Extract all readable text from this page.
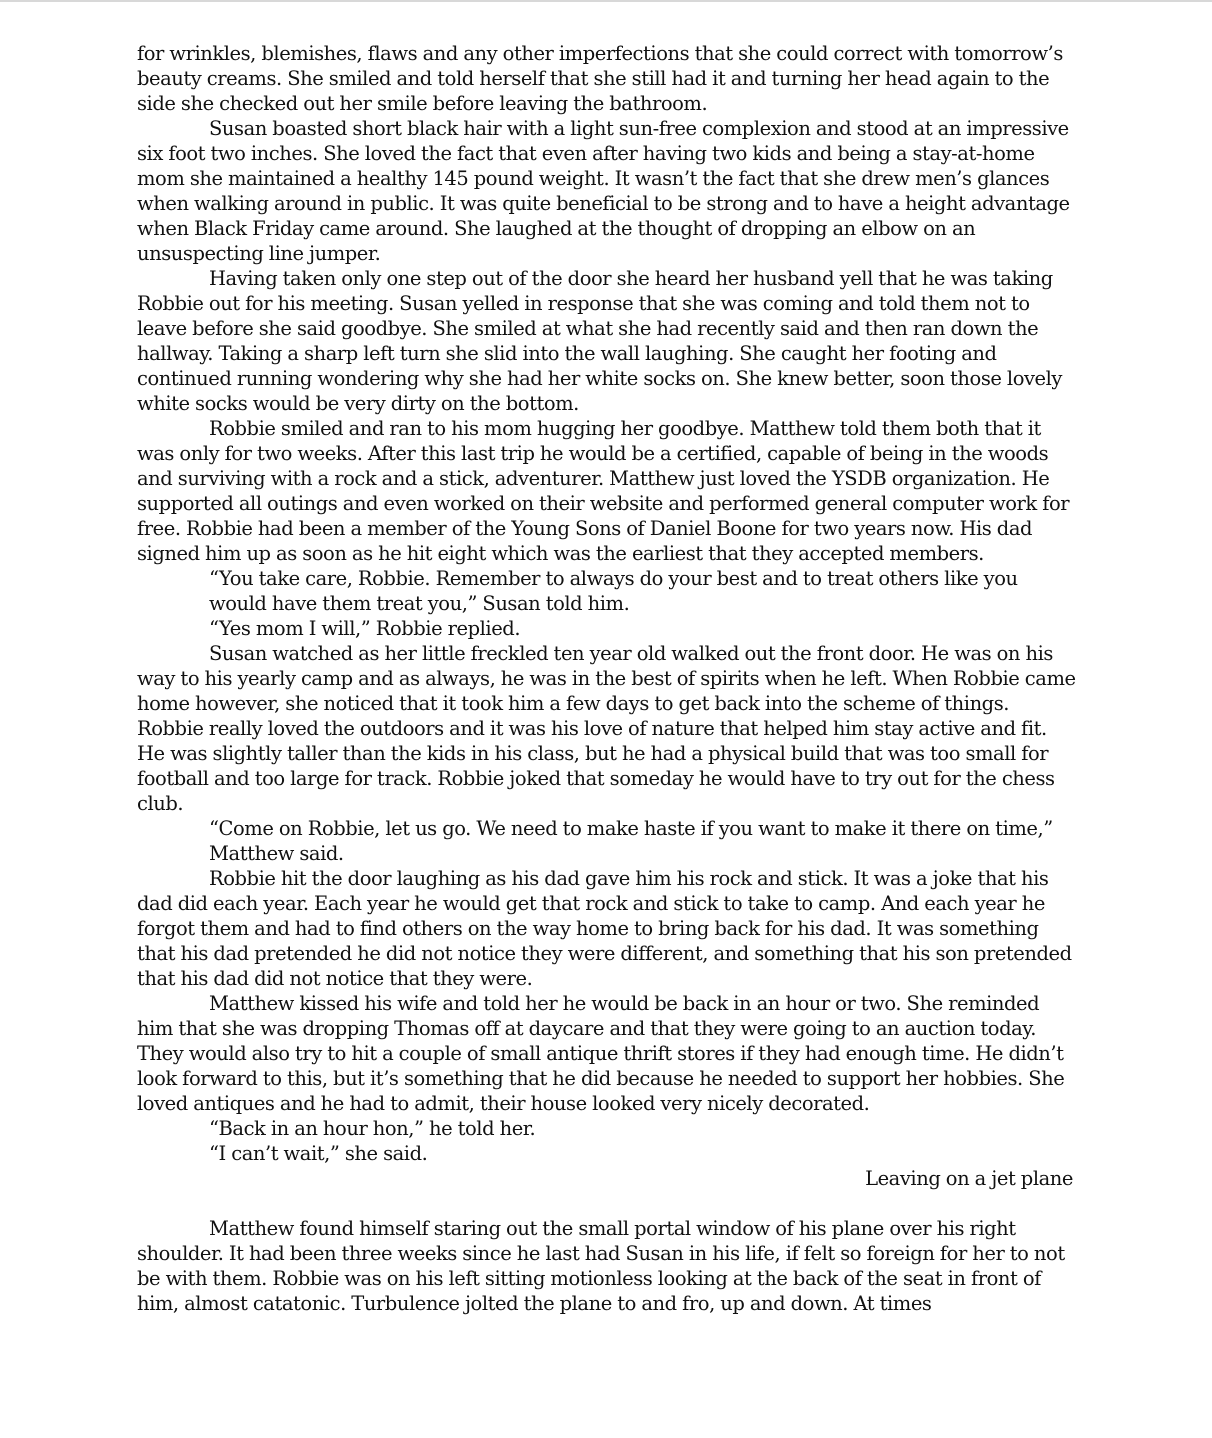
for wrinkles, blemishes, flaws and any other imperfections that she could correct with tomorrow’s beauty creams. She smiled and told herself that she still had it and turning her head again to the side she checked out her smile before leaving the bathroom.

Susan boasted short black hair with a light sun-free complexion and stood at an impressive six foot two inches. She loved the fact that even after having two kids and being a stay-at-home mom she maintained a healthy 145 pound weight. It wasn’t the fact that she drew men’s glances when walking around in public. It was quite beneficial to be strong and to have a height advantage when Black Friday came around. She laughed at the thought of dropping an elbow on an unsuspecting line jumper.

Having taken only one step out of the door she heard her husband yell that he was taking Robbie out for his meeting. Susan yelled in response that she was coming and told them not to leave before she said goodbye. She smiled at what she had recently said and then ran down the hallway. Taking a sharp left turn she slid into the wall laughing. She caught her footing and continued running wondering why she had her white socks on. She knew better, soon those lovely white socks would be very dirty on the bottom.

Robbie smiled and ran to his mom hugging her goodbye. Matthew told them both that it was only for two weeks. After this last trip he would be a certified, capable of being in the woods and surviving with a rock and a stick, adventurer. Matthew just loved the YSDB organization. He supported all outings and even worked on their website and performed general computer work for free. Robbie had been a member of the Young Sons of Daniel Boone for two years now. His dad signed him up as soon as he hit eight which was the earliest that they accepted members.

“You take care, Robbie. Remember to always do your best and to treat others like you would have them treat you,” Susan told him.

“Yes mom I will,” Robbie replied.

Susan watched as her little freckled ten year old walked out the front door. He was on his way to his yearly camp and as always, he was in the best of spirits when he left. When Robbie came home however, she noticed that it took him a few days to get back into the scheme of things. Robbie really loved the outdoors and it was his love of nature that helped him stay active and fit. He was slightly taller than the kids in his class, but he had a physical build that was too small for football and too large for track. Robbie joked that someday he would have to try out for the chess club.

“Come on Robbie, let us go. We need to make haste if you want to make it there on time,” Matthew said.

Robbie hit the door laughing as his dad gave him his rock and stick. It was a joke that his dad did each year. Each year he would get that rock and stick to take to camp. And each year he forgot them and had to find others on the way home to bring back for his dad. It was something that his dad pretended he did not notice they were different, and something that his son pretended that his dad did not notice that they were.

Matthew kissed his wife and told her he would be back in an hour or two. She reminded him that she was dropping Thomas off at daycare and that they were going to an auction today. They would also try to hit a couple of small antique thrift stores if they had enough time. He didn’t look forward to this, but it’s something that he did because he needed to support her hobbies. She loved antiques and he had to admit, their house looked very nicely decorated.

“Back in an hour hon,” he told her.

“I can’t wait,” she said.

Leaving on a jet plane

Matthew found himself staring out the small portal window of his plane over his right shoulder. It had been three weeks since he last had Susan in his life, if felt so foreign for her to not be with them. Robbie was on his left sitting motionless looking at the back of the seat in front of him, almost catatonic. Turbulence jolted the plane to and fro, up and down. At times
